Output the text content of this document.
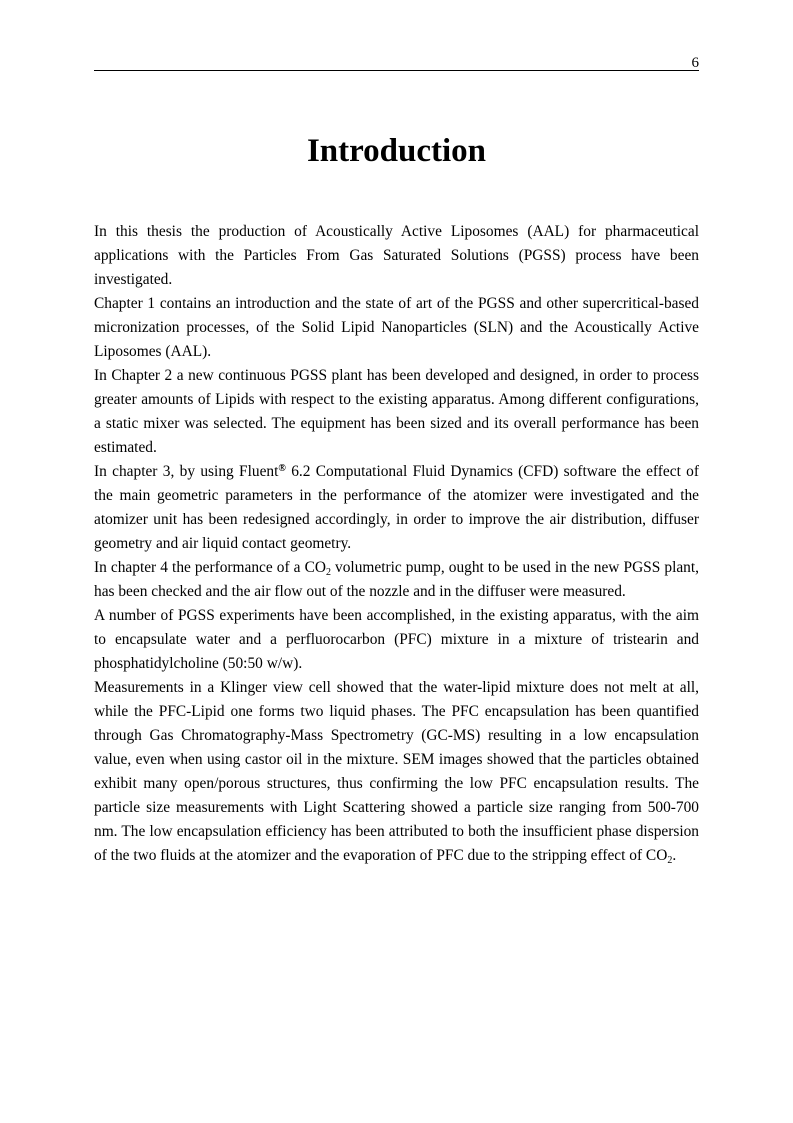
6
Introduction

In this thesis the production of Acoustically Active Liposomes (AAL) for pharmaceutical applications with the Particles From Gas Saturated Solutions (PGSS) process have been investigated.

Chapter 1 contains an introduction and the state of art of the PGSS and other supercritical-based micronization processes, of the Solid Lipid Nanoparticles (SLN) and the Acoustically Active Liposomes (AAL).

In Chapter 2 a new continuous PGSS plant has been developed and designed, in order to process greater amounts of Lipids with respect to the existing apparatus. Among different configurations, a static mixer was selected. The equipment has been sized and its overall performance has been estimated.

In chapter 3, by using Fluent® 6.2 Computational Fluid Dynamics (CFD) software the effect of the main geometric parameters in the performance of the atomizer were investigated and the atomizer unit has been redesigned accordingly, in order to improve the air distribution, diffuser geometry and air liquid contact geometry.

In chapter 4 the performance of a $CO_2$ volumetric pump, ought to be used in the new PGSS plant, has been checked and the air flow out of the nozzle and in the diffuser were measured.

A number of PGSS experiments have been accomplished, in the existing apparatus, with the aim to encapsulate water and a perfluorocarbon (PFC) mixture in a mixture of tristearin and phosphatidylcholine (50:50 w/w).

Measurements in a Klinger view cell showed that the water-lipid mixture does not melt at all, while the PFC-Lipid one forms two liquid phases. The PFC encapsulation has been quantified through Gas Chromatography-Mass Spectrometry (GC-MS) resulting in a low encapsulation value, even when using castor oil in the mixture. SEM images showed that the particles obtained exhibit many open/porous structures, thus confirming the low PFC encapsulation results. The particle size measurements with Light Scattering showed a particle size ranging from 500-700 nm. The low encapsulation efficiency has been attributed to both the insufficient phase dispersion of the two fluids at the atomizer and the evaporation of PFC due to the stripping effect of $CO_2$.
